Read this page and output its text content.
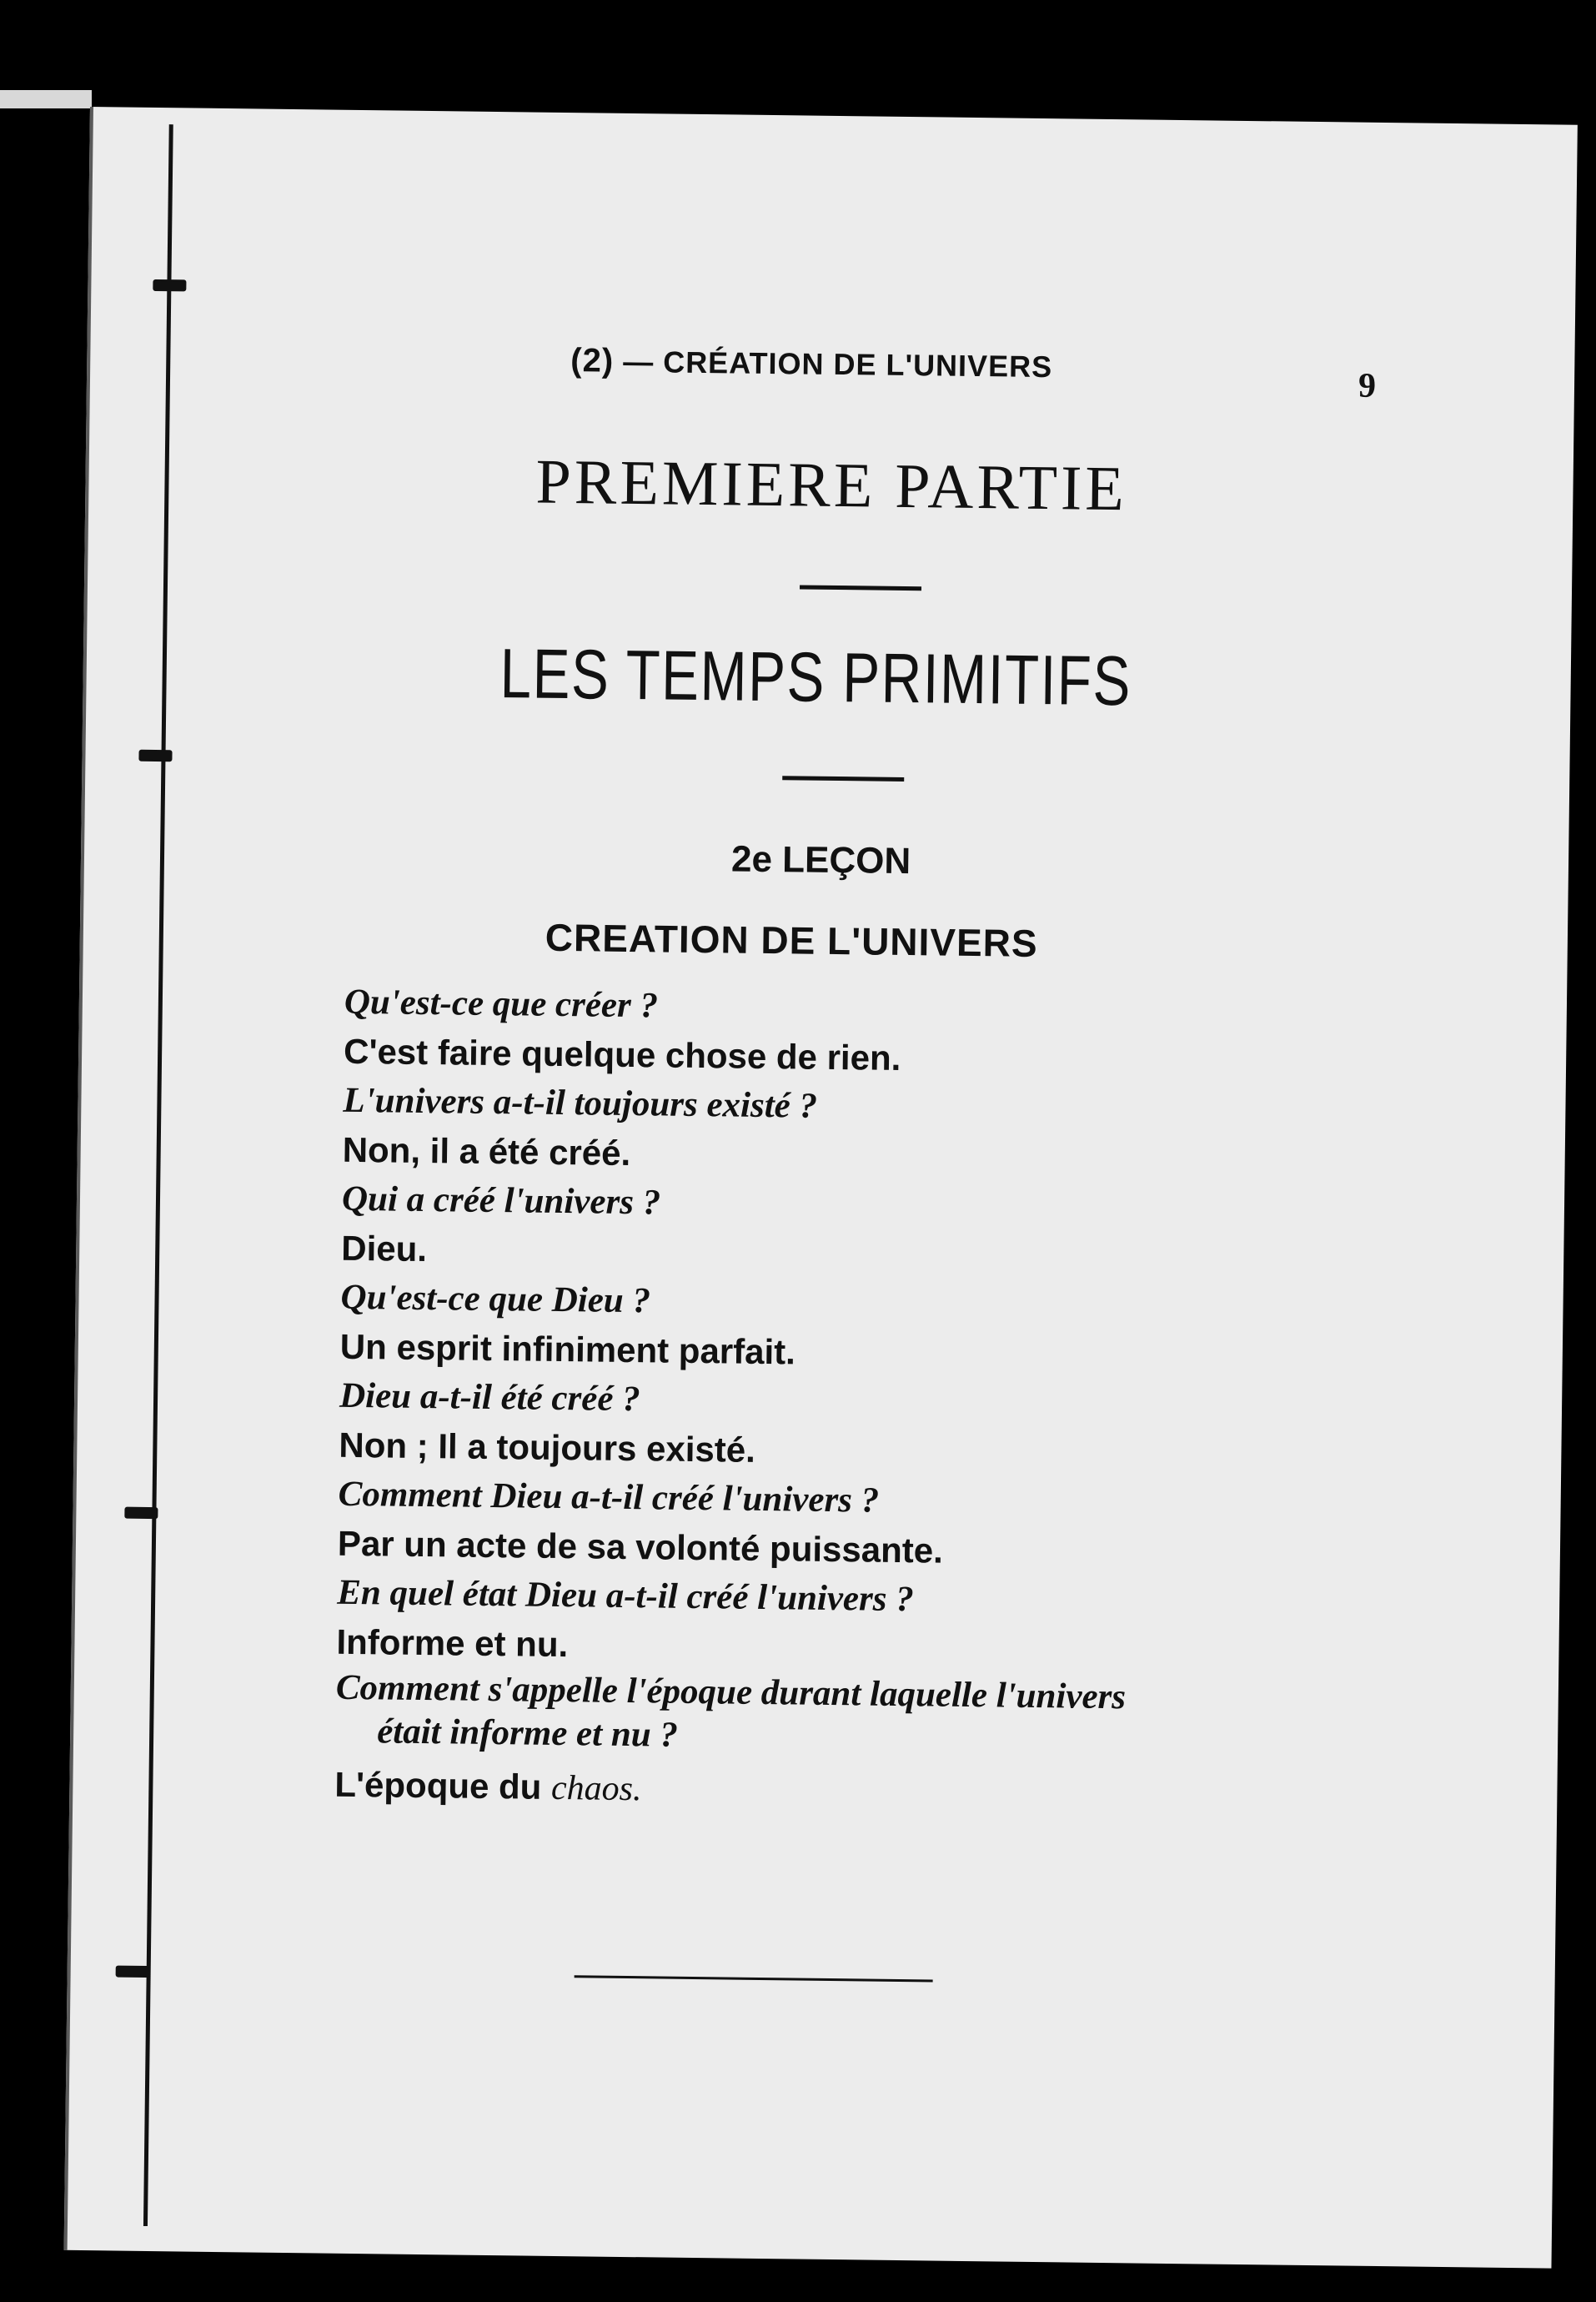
(2) — CRÉATION DE L'UNIVERS
9
PREMIERE PARTIE
LES TEMPS PRIMITIFS
2e LEÇON
CREATION DE L'UNIVERS
Qu'est-ce que créer ?
C'est faire quelque chose de rien.
L'univers a-t-il toujours existé ?
Non, il a été créé.
Qui a créé l'univers ?
Dieu.
Qu'est-ce que Dieu ?
Un esprit infiniment parfait.
Dieu a-t-il été créé ?
Non ; Il a toujours existé.
Comment Dieu a-t-il créé l'univers ?
Par un acte de sa volonté puissante.
En quel état Dieu a-t-il créé l'univers ?
Informe et nu.
Comment s'appelle l'époque durant laquelle l'univers
était informe et nu ?
L'époque du chaos.
